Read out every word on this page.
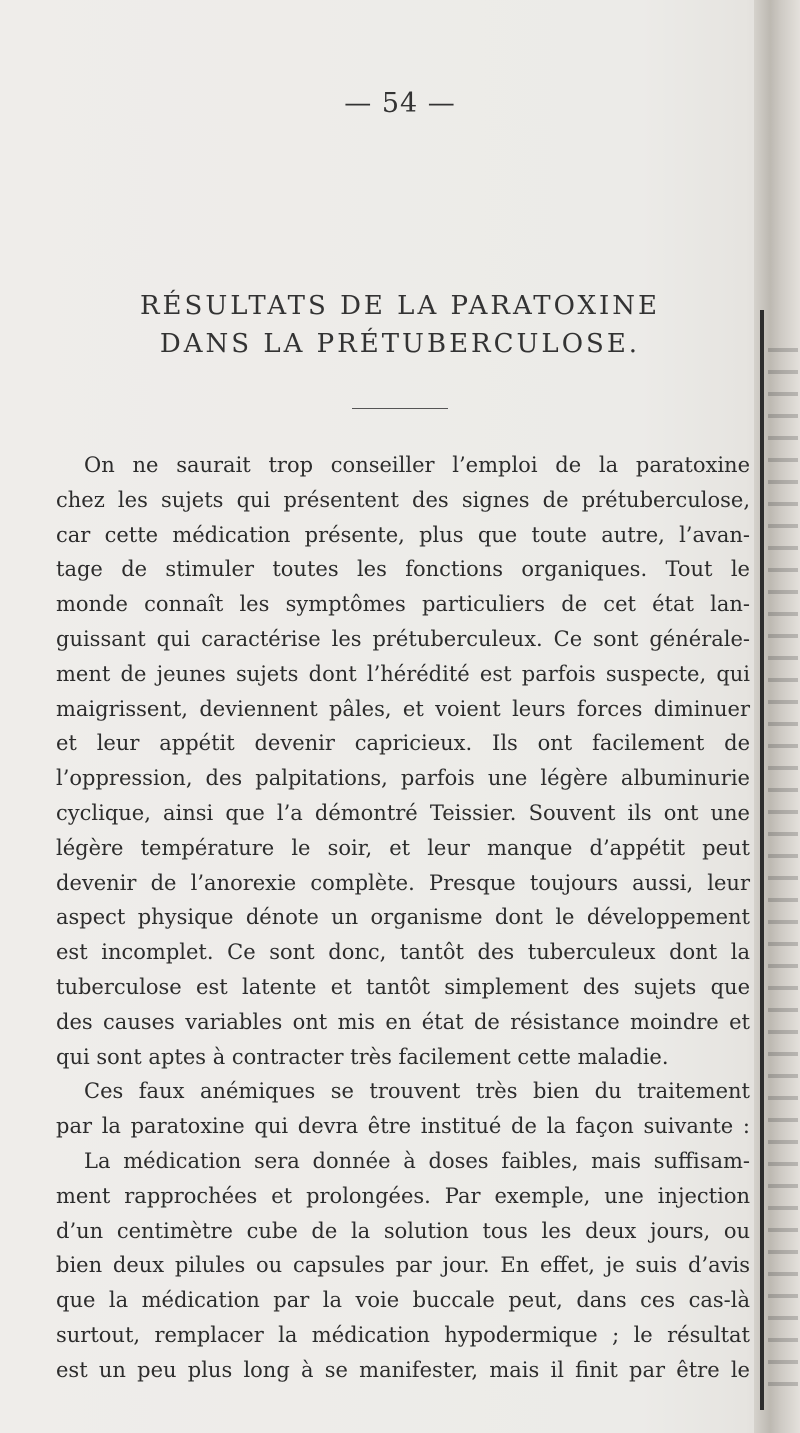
— 54 —
RÉSULTATS DE LA PARATOXINE
DANS LA PRÉTUBERCULOSE.
On ne saurait trop conseiller l’emploi de la paratoxine
chez les sujets qui présentent des signes de prétuberculose,
car cette médication présente, plus que toute autre, l’avan-
tage de stimuler toutes les fonctions organiques. Tout le
monde connaît les symptômes particuliers de cet état lan-
guissant qui caractérise les prétuberculeux. Ce sont générale-
ment de jeunes sujets dont l’hérédité est parfois suspecte, qui
maigrissent, deviennent pâles, et voient leurs forces diminuer
et leur appétit devenir capricieux. Ils ont facilement de
l’oppression, des palpitations, parfois une légère albuminurie
cyclique, ainsi que l’a démontré Teissier. Souvent ils ont une
légère température le soir, et leur manque d’appétit peut
devenir de l’anorexie complète. Presque toujours aussi, leur
aspect physique dénote un organisme dont le développement
est incomplet. Ce sont donc, tantôt des tuberculeux dont la
tuberculose est latente et tantôt simplement des sujets que
des causes variables ont mis en état de résistance moindre et
qui sont aptes à contracter très facilement cette maladie.
Ces faux anémiques se trouvent très bien du traitement
par la paratoxine qui devra être institué de la façon suivante :
La médication sera donnée à doses faibles, mais suffisam-
ment rapprochées et prolongées. Par exemple, une injection
d’un centimètre cube de la solution tous les deux jours, ou
bien deux pilules ou capsules par jour. En effet, je suis d’avis
que la médication par la voie buccale peut, dans ces cas-là
surtout, remplacer la médication hypodermique ; le résultat
est un peu plus long à se manifester, mais il finit par être le
